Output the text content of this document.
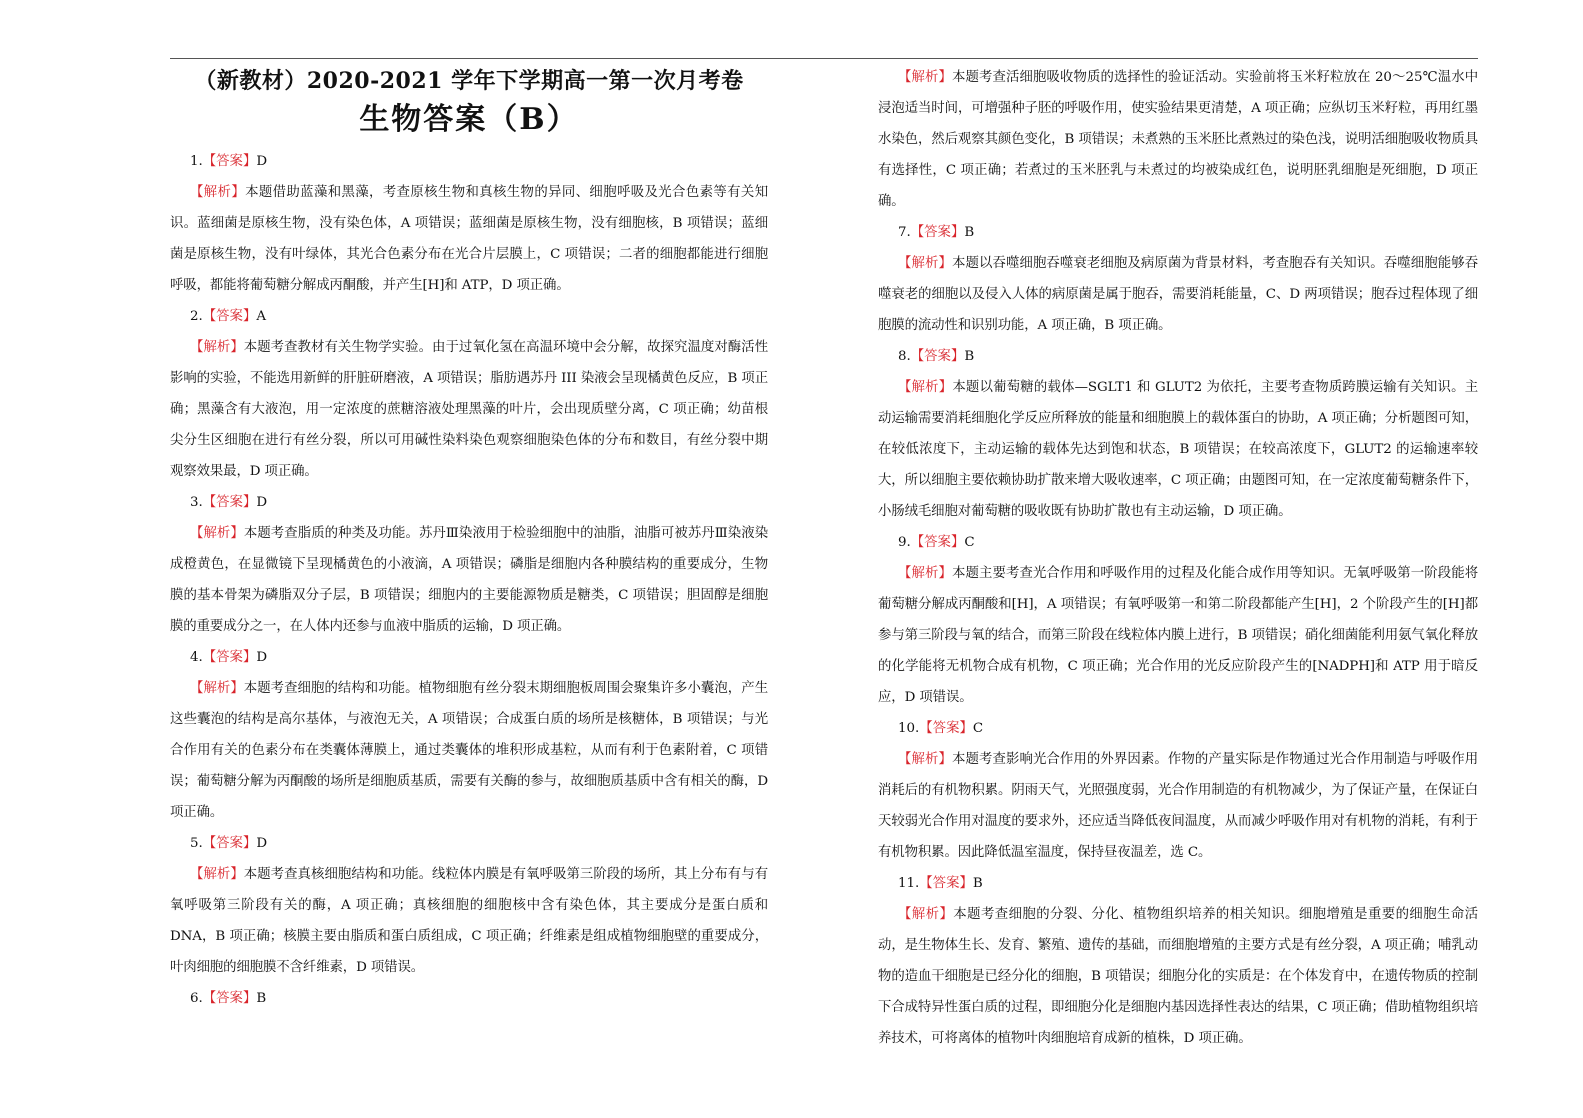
（新教材）2020-2021 学年下学期高一第一次月考卷
生物答案（B）

1.【答案】D

【解析】本题借助蓝藻和黑藻，考查原核生物和真核生物的异同、细胞呼吸及光合色素等有关知识。蓝细菌是原核生物，没有染色体，A 项错误；蓝细菌是原核生物，没有细胞核，B 项错误；蓝细菌是原核生物，没有叶绿体，其光合色素分布在光合片层膜上，C 项错误；二者的细胞都能进行细胞呼吸，都能将葡萄糖分解成丙酮酸，并产生[H]和 ATP，D 项正确。

2.【答案】A

【解析】本题考查教材有关生物学实验。由于过氧化氢在高温环境中会分解，故探究温度对酶活性影响的实验，不能选用新鲜的肝脏研磨液，A 项错误；脂肪遇苏丹 III 染液会呈现橘黄色反应，B 项正确；黑藻含有大液泡，用一定浓度的蔗糖溶液处理黑藻的叶片，会出现质壁分离，C 项正确；幼苗根尖分生区细胞在进行有丝分裂，所以可用碱性染料染色观察细胞染色体的分布和数目，有丝分裂中期观察效果最，D 项正确。

3.【答案】D

【解析】本题考查脂质的种类及功能。苏丹Ⅲ染液用于检验细胞中的油脂，油脂可被苏丹Ⅲ染液染成橙黄色，在显微镜下呈现橘黄色的小液滴，A 项错误；磷脂是细胞内各种膜结构的重要成分，生物膜的基本骨架为磷脂双分子层，B 项错误；细胞内的主要能源物质是糖类，C 项错误；胆固醇是细胞膜的重要成分之一，在人体内还参与血液中脂质的运输，D 项正确。

4.【答案】D

【解析】本题考查细胞的结构和功能。植物细胞有丝分裂末期细胞板周围会聚集许多小囊泡，产生这些囊泡的结构是高尔基体，与液泡无关，A 项错误；合成蛋白质的场所是核糖体，B 项错误；与光合作用有关的色素分布在类囊体薄膜上，通过类囊体的堆积形成基粒，从而有利于色素附着，C 项错误；葡萄糖分解为丙酮酸的场所是细胞质基质，需要有关酶的参与，故细胞质基质中含有相关的酶，D 项正确。

5.【答案】D

【解析】本题考查真核细胞结构和功能。线粒体内膜是有氧呼吸第三阶段的场所，其上分布有与有氧呼吸第三阶段有关的酶，A 项正确；真核细胞的细胞核中含有染色体，其主要成分是蛋白质和 DNA，B 项正确；核膜主要由脂质和蛋白质组成，C 项正确；纤维素是组成植物细胞壁的重要成分，叶肉细胞的细胞膜不含纤维素，D 项错误。

6.【答案】B

【解析】本题考查活细胞吸收物质的选择性的验证活动。实验前将玉米籽粒放在 20～25℃温水中浸泡适当时间，可增强种子胚的呼吸作用，使实验结果更清楚，A 项正确；应纵切玉米籽粒，再用红墨水染色，然后观察其颜色变化，B 项错误；未煮熟的玉米胚比煮熟过的染色浅，说明活细胞吸收物质具有选择性，C 项正确；若煮过的玉米胚乳与未煮过的均被染成红色，说明胚乳细胞是死细胞，D 项正确。

7.【答案】B

【解析】本题以吞噬细胞吞噬衰老细胞及病原菌为背景材料，考查胞吞有关知识。吞噬细胞能够吞噬衰老的细胞以及侵入人体的病原菌是属于胞吞，需要消耗能量，C、D 两项错误；胞吞过程体现了细胞膜的流动性和识别功能，A 项正确，B 项正确。

8.【答案】B

【解析】本题以葡萄糖的载体—SGLT1 和 GLUT2 为依托，主要考查物质跨膜运输有关知识。主动运输需要消耗细胞化学反应所释放的能量和细胞膜上的载体蛋白的协助，A 项正确；分析题图可知，在较低浓度下，主动运输的载体先达到饱和状态，B 项错误；在较高浓度下，GLUT2 的运输速率较大，所以细胞主要依赖协助扩散来增大吸收速率，C 项正确；由题图可知，在一定浓度葡萄糖条件下，小肠绒毛细胞对葡萄糖的吸收既有协助扩散也有主动运输，D 项正确。

9.【答案】C

【解析】本题主要考查光合作用和呼吸作用的过程及化能合成作用等知识。无氧呼吸第一阶段能将葡萄糖分解成丙酮酸和[H]，A 项错误；有氧呼吸第一和第二阶段都能产生[H]，2 个阶段产生的[H]都参与第三阶段与氧的结合，而第三阶段在线粒体内膜上进行，B 项错误；硝化细菌能利用氨气氧化释放的化学能将无机物合成有机物，C 项正确；光合作用的光反应阶段产生的[NADPH]和 ATP 用于暗反应，D 项错误。

10.【答案】C

【解析】本题考查影响光合作用的外界因素。作物的产量实际是作物通过光合作用制造与呼吸作用消耗后的有机物积累。阴雨天气，光照强度弱，光合作用制造的有机物减少，为了保证产量，在保证白天较弱光合作用对温度的要求外，还应适当降低夜间温度，从而减少呼吸作用对有机物的消耗，有利于有机物积累。因此降低温室温度，保持昼夜温差，选 C。

11.【答案】B

【解析】本题考查细胞的分裂、分化、植物组织培养的相关知识。细胞增殖是重要的细胞生命活动，是生物体生长、发育、繁殖、遗传的基础，而细胞增殖的主要方式是有丝分裂，A 项正确；哺乳动物的造血干细胞是已经分化的细胞，B 项错误；细胞分化的实质是：在个体发育中，在遗传物质的控制下合成特异性蛋白质的过程，即细胞分化是细胞内基因选择性表达的结果，C 项正确；借助植物组织培养技术，可将离体的植物叶肉细胞培育成新的植株，D 项正确。
